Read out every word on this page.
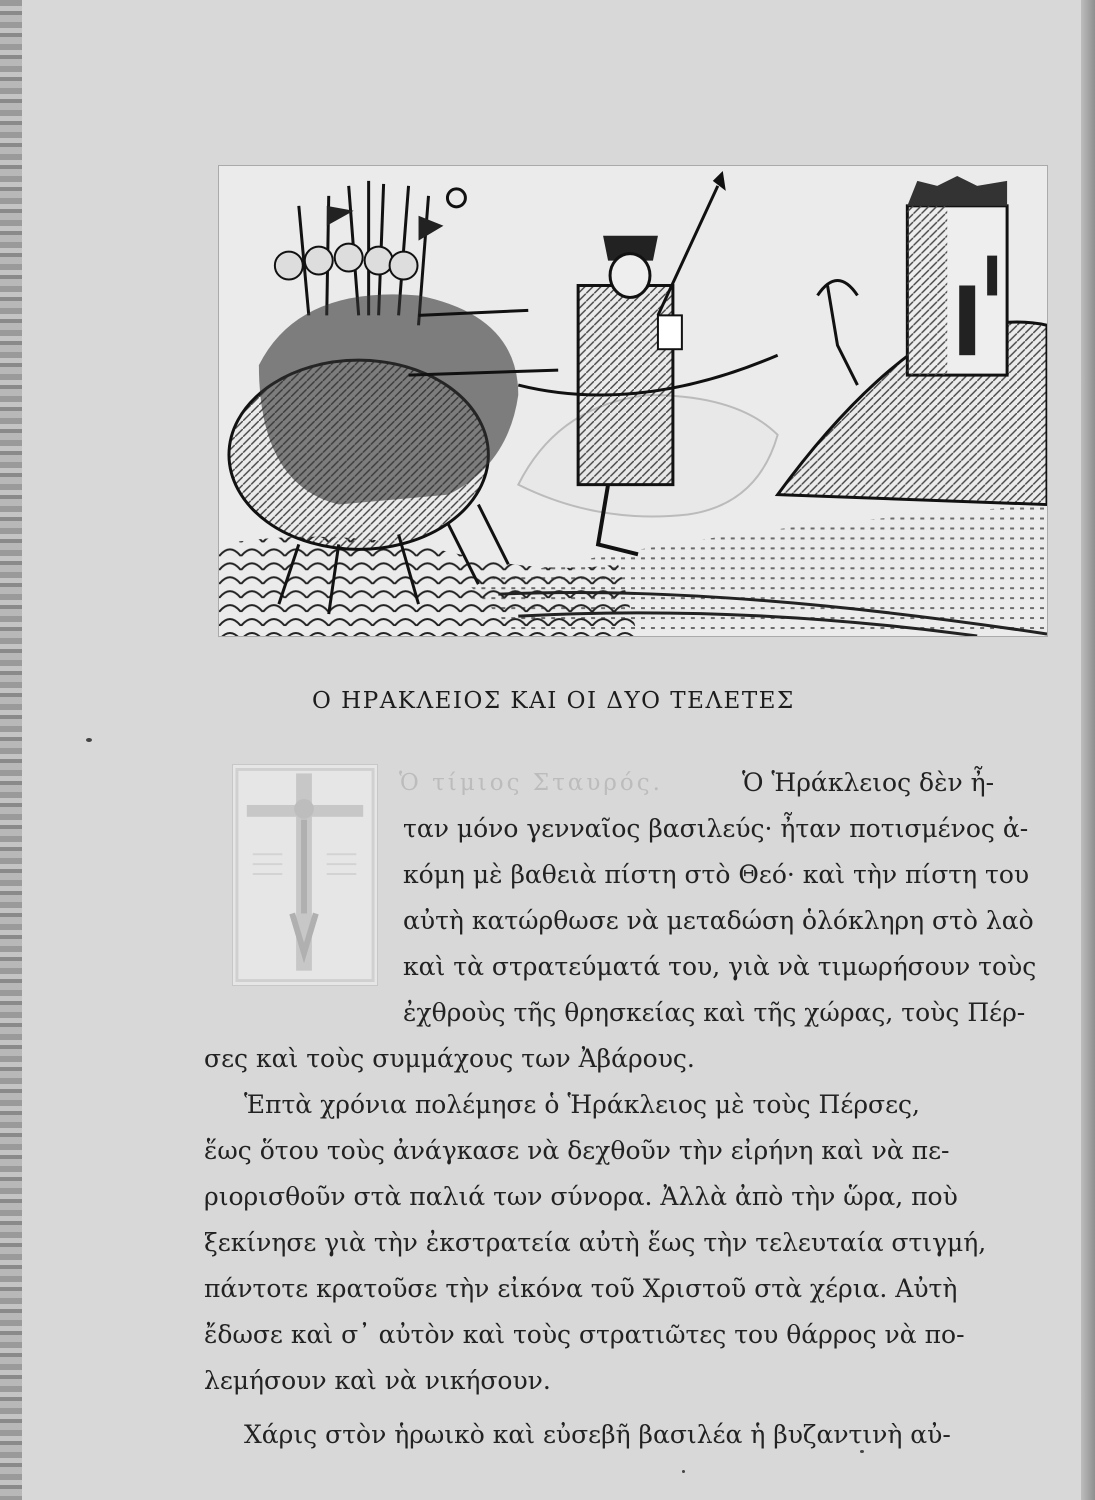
Ο ΗΡΑΚΛΕΙΟΣ ΚΑΙ ΟΙ ΔΥΟ ΤΕΛΕΤΕΣ
Ὁ τίμιος Σταυρός.	Ὁ Ἡράκλειος δὲν ἦ-
ταν μόνο γενναῖος βασιλεύς· ἦταν ποτισμένος ἀ-
κόμη μὲ βαθειὰ πίστη στὸ Θεό· καὶ τὴν πίστη του
αὐτὴ κατώρθωσε νὰ μεταδώση ὁλόκληρη στὸ λαὸ
καὶ τὰ στρατεύματά του, γιὰ νὰ τιμωρήσουν τοὺς
ἐχθροὺς τῆς θρησκείας καὶ τῆς χώρας, τοὺς Πέρ-
σες καὶ τοὺς συμμάχους των Ἀβάρους.
Ἑπτὰ χρόνια πολέμησε ὁ Ἡράκλειος μὲ τοὺς Πέρσες,
ἕως ὅτου τοὺς ἀνάγκασε νὰ δεχθοῦν τὴν εἰρήνη καὶ νὰ πε-
ριορισθοῦν στὰ παλιά των σύνορα. Ἀλλὰ ἀπὸ τὴν ὥρα, ποὺ
ξεκίνησε γιὰ τὴν ἐκστρατεία αὐτὴ ἕως τὴν τελευταία στιγμή,
πάντοτε κρατοῦσε τὴν εἰκόνα τοῦ Χριστοῦ στὰ χέρια. Αὐτὴ
ἔδωσε καὶ σ᾽ αὐτὸν καὶ τοὺς στρατιῶτες του θάρρος νὰ πο-
λεμήσουν καὶ νὰ νικήσουν.
Χάρις στὸν ἡρωικὸ καὶ εὐσεβῆ βασιλέα ἡ βυζαντινὴ αὐ-
